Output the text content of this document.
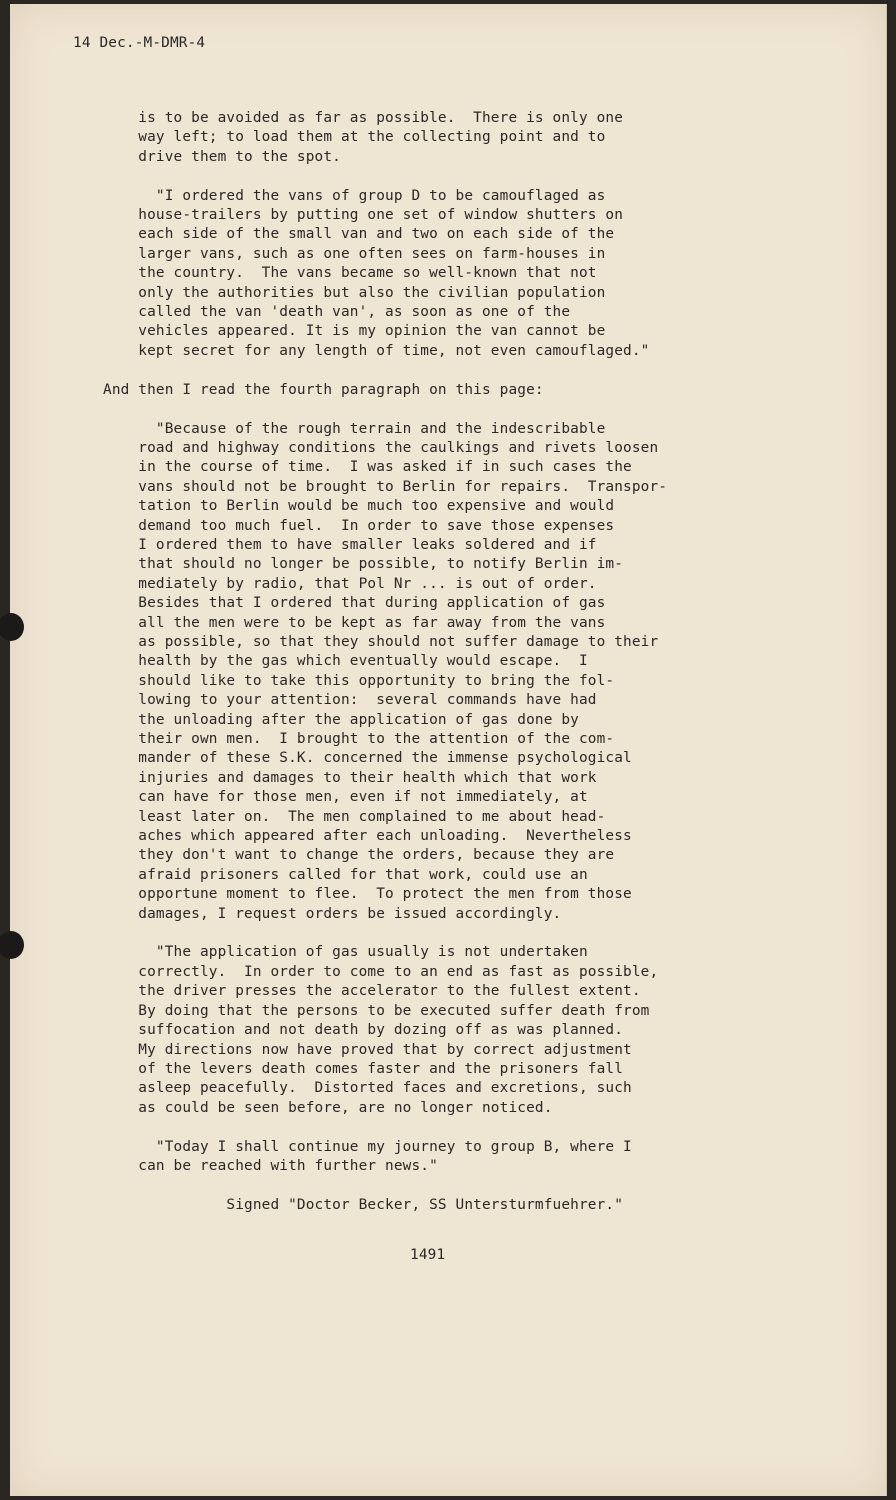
14 Dec.-M-DMR-4

is to be avoided as far as possible.  There is only one
way left; to load them at the collecting point and to
drive them to the spot.

"I ordered the vans of group D to be camouflaged as
house-trailers by putting one set of window shutters on
each side of the small van and two on each side of the
larger vans, such as one often sees on farm-houses in
the country.  The vans became so well-known that not
only the authorities but also the civilian population
called the van 'death van', as soon as one of the
vehicles appeared. It is my opinion the van cannot be
kept secret for any length of time, not even camouflaged."

And then I read the fourth paragraph on this page:

"Because of the rough terrain and the indescribable
road and highway conditions the caulkings and rivets loosen
in the course of time.  I was asked if in such cases the
vans should not be brought to Berlin for repairs.  Transpor-
tation to Berlin would be much too expensive and would
demand too much fuel.  In order to save those expenses
I ordered them to have smaller leaks soldered and if
that should no longer be possible, to notify Berlin im-
mediately by radio, that Pol Nr ... is out of order.
Besides that I ordered that during application of gas
all the men were to be kept as far away from the vans
as possible, so that they should not suffer damage to their
health by the gas which eventually would escape.  I
should like to take this opportunity to bring the fol-
lowing to your attention:  several commands have had
the unloading after the application of gas done by
their own men.  I brought to the attention of the com-
mander of these S.K. concerned the immense psychological
injuries and damages to their health which that work
can have for those men, even if not immediately, at
least later on.  The men complained to me about head-
aches which appeared after each unloading.  Nevertheless
they don't want to change the orders, because they are
afraid prisoners called for that work, could use an
opportune moment to flee.  To protect the men from those
damages, I request orders be issued accordingly.

"The application of gas usually is not undertaken
correctly.  In order to come to an end as fast as possible,
the driver presses the accelerator to the fullest extent.
By doing that the persons to be executed suffer death from
suffocation and not death by dozing off as was planned.
My directions now have proved that by correct adjustment
of the levers death comes faster and the prisoners fall
asleep peacefully.  Distorted faces and excretions, such
as could be seen before, are no longer noticed.

"Today I shall continue my journey to group B, where I
can be reached with further news."

Signed "Doctor Becker, SS Untersturmfuehrer."

1491
